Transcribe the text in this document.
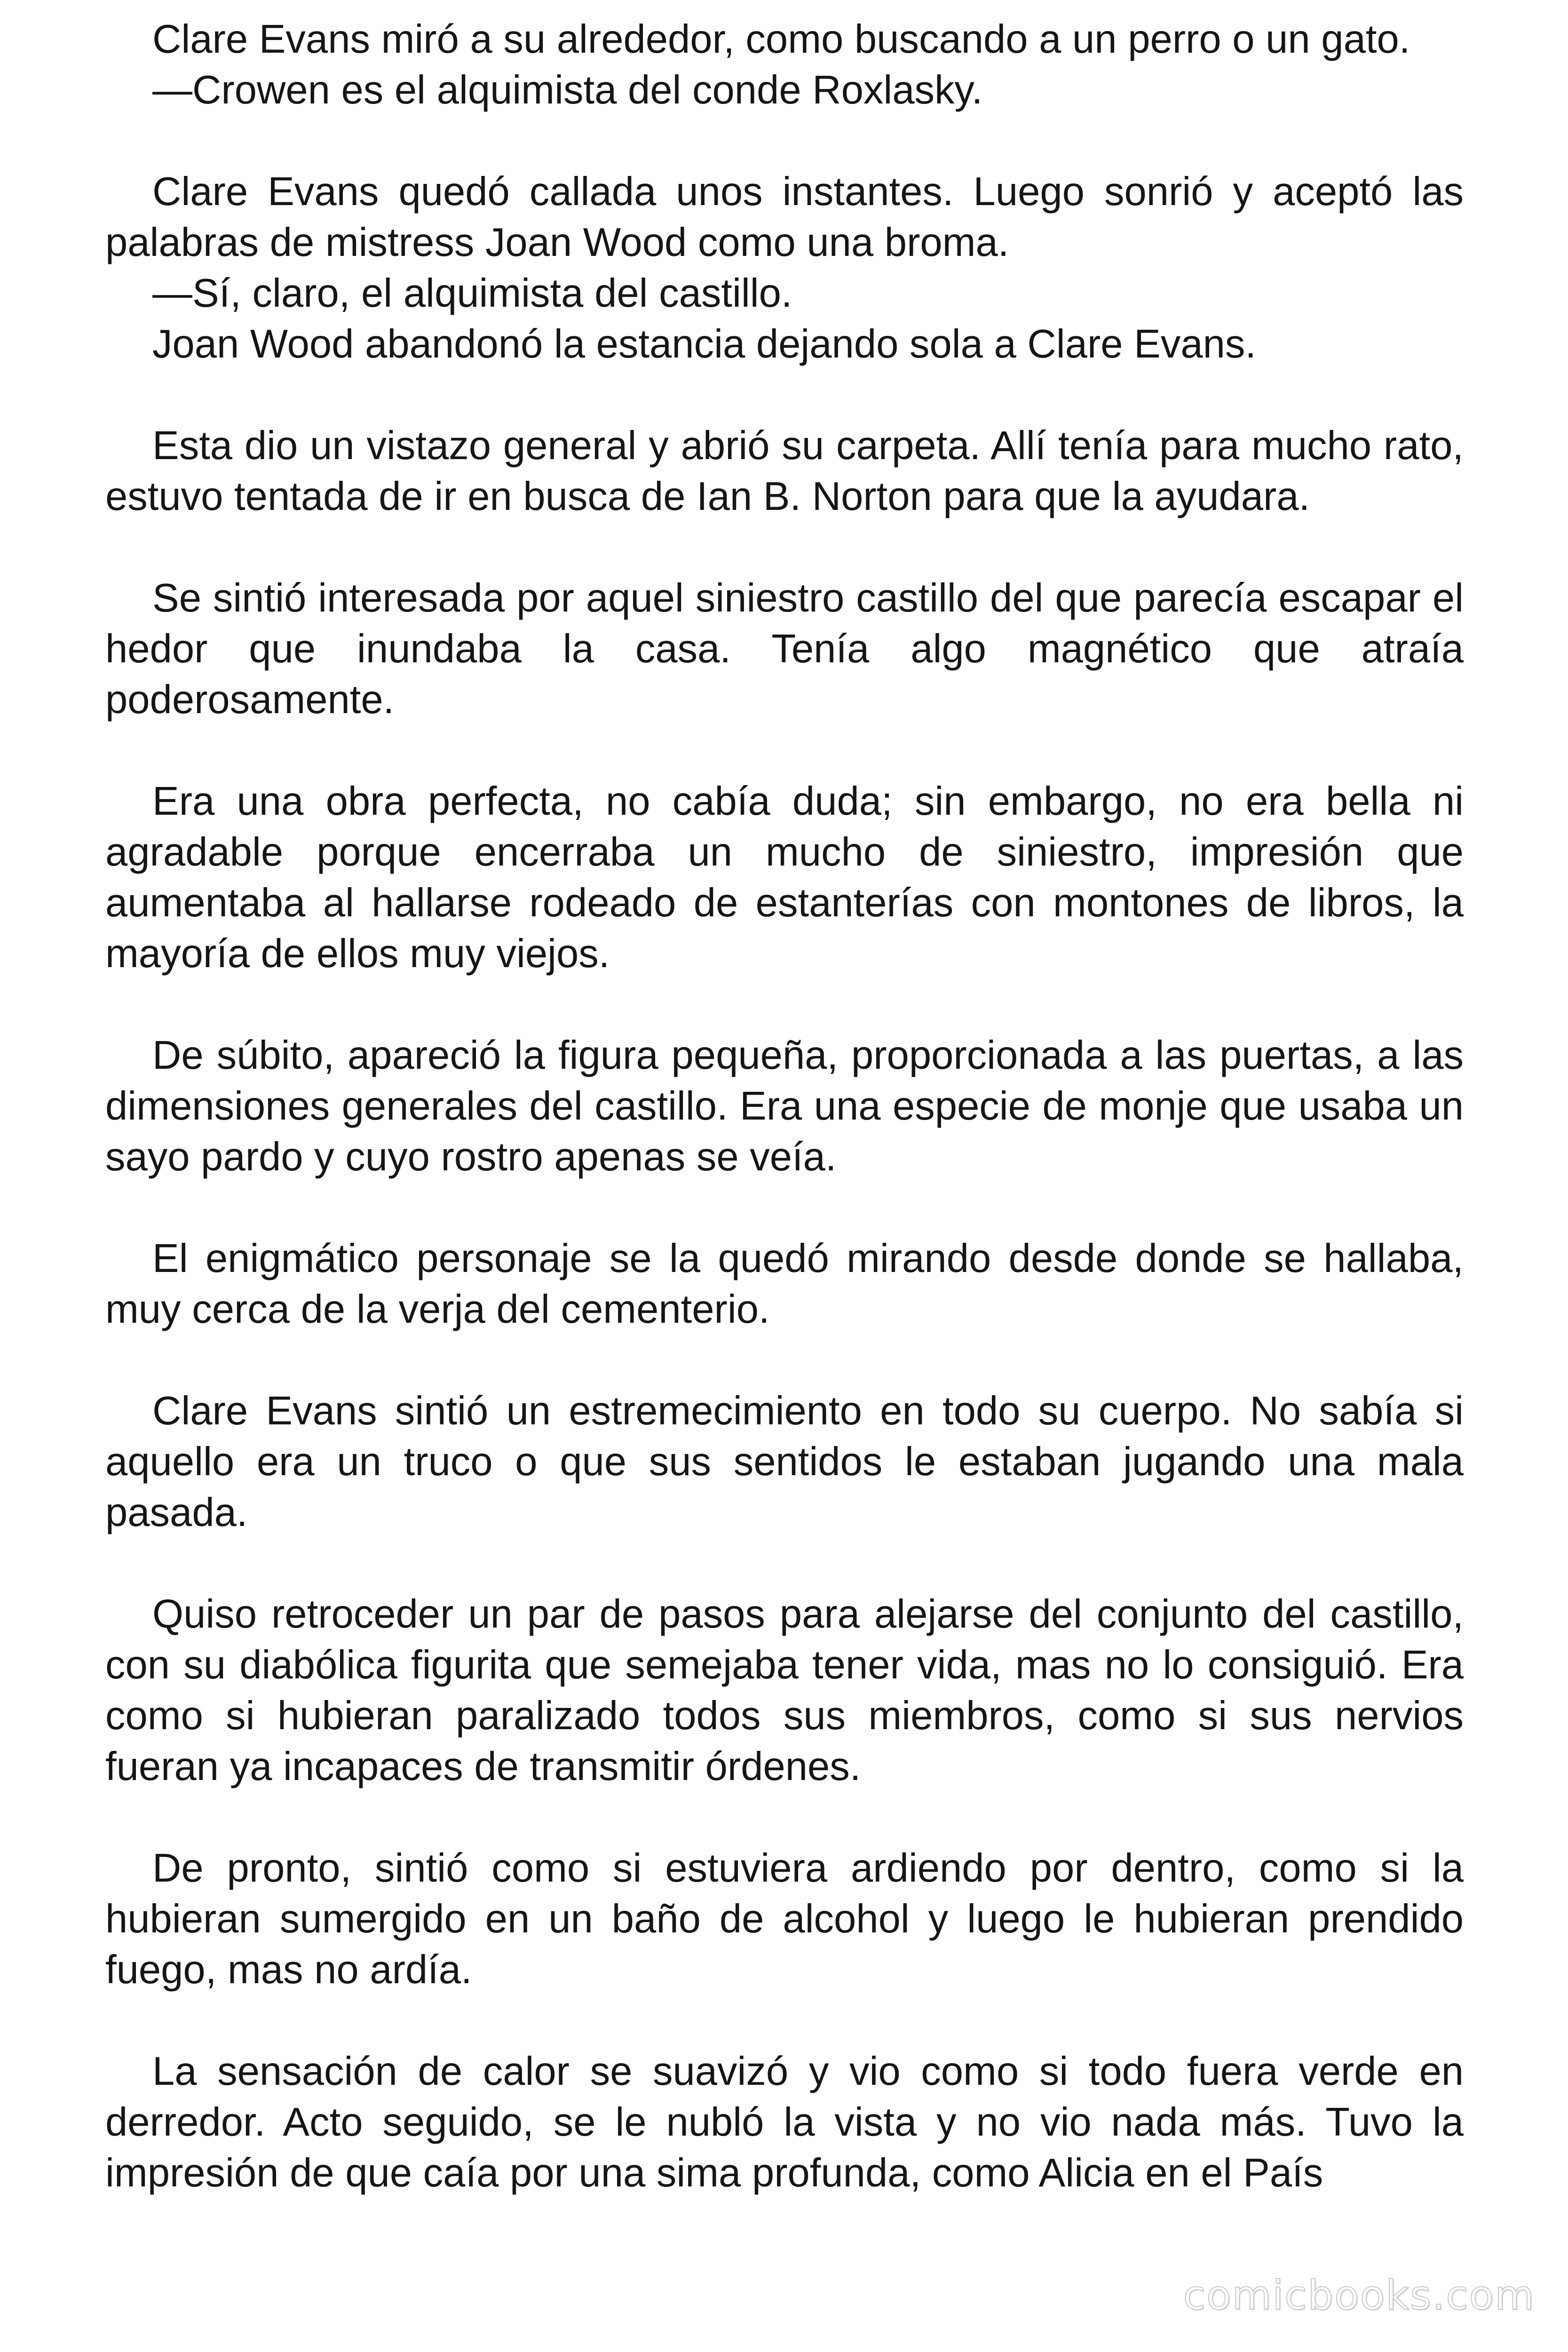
Clare Evans miró a su alrededor, como buscando a un perro o un gato.

—Crowen es el alquimista del conde Roxlasky.

Clare Evans quedó callada unos instantes. Luego sonrió y aceptó las palabras de mistress Joan Wood como una broma.

—Sí, claro, el alquimista del castillo.

Joan Wood abandonó la estancia dejando sola a Clare Evans.

Esta dio un vistazo general y abrió su carpeta. Allí tenía para mucho rato, estuvo tentada de ir en busca de Ian B. Norton para que la ayudara.

Se sintió interesada por aquel siniestro castillo del que parecía escapar el hedor que inundaba la casa. Tenía algo magnético que atraía poderosamente.

Era una obra perfecta, no cabía duda; sin embargo, no era bella ni agradable porque encerraba un mucho de siniestro, impresión que aumentaba al hallarse rodeado de estanterías con montones de libros, la mayoría de ellos muy viejos.

De súbito, apareció la figura pequeña, proporcionada a las puertas, a las dimensiones generales del castillo. Era una especie de monje que usaba un sayo pardo y cuyo rostro apenas se veía.

El enigmático personaje se la quedó mirando desde donde se hallaba, muy cerca de la verja del cementerio.

Clare Evans sintió un estremecimiento en todo su cuerpo. No sabía si aquello era un truco o que sus sentidos le estaban jugando una mala pasada.

Quiso retroceder un par de pasos para alejarse del conjunto del castillo, con su diabólica figurita que semejaba tener vida, mas no lo consiguió. Era como si hubieran paralizado todos sus miembros, como si sus nervios fueran ya incapaces de transmitir órdenes.

De pronto, sintió como si estuviera ardiendo por dentro, como si la hubieran sumergido en un baño de alcohol y luego le hubieran prendido fuego, mas no ardía.

La sensación de calor se suavizó y vio como si todo fuera verde en derredor. Acto seguido, se le nubló la vista y no vio nada más. Tuvo la impresión de que caía por una sima profunda, como Alicia en el País

comicbooks.com
